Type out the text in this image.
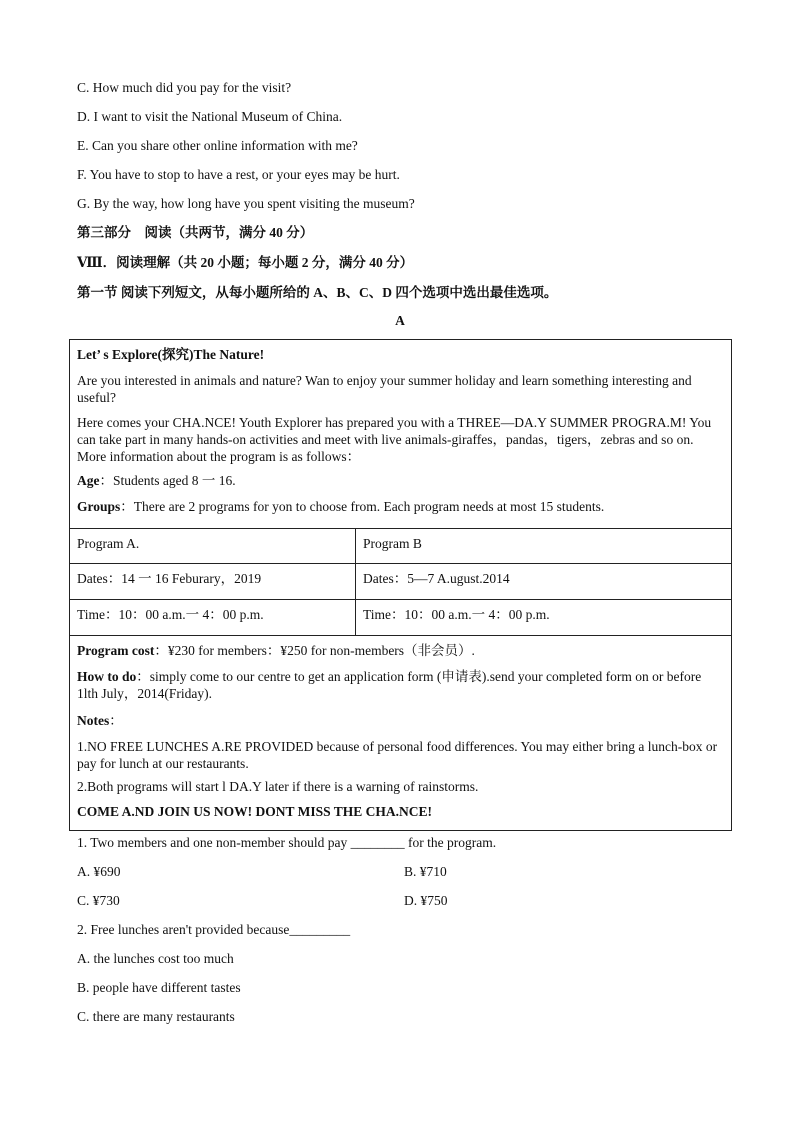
C. How much did you pay for the visit?
D. I want to visit the National Museum of China.
E. Can you share other online information with me?
F. You have to stop to have a rest, or your eyes may be hurt.
G. By the way, how long have you spent visiting the museum?
第三部分　阅读（共两节，满分 40 分）
Ⅷ．阅读理解（共 20 小题；每小题 2 分，满分 40 分）
第一节 阅读下列短文，从每小题所给的 A、B、C、D 四个选项中选出最佳选项。
A
Let’ s Explore(探究)The Nature!
Are you interested in animals and nature? Wan to enjoy your summer holiday and learn something interesting and useful?
Here comes your CHA.NCE! Youth Explorer has prepared you with a THREE—DA.Y SUMMER PROGRA.M! You can take part in many hands-on activities and meet with live animals-giraffes，pandas，tigers，zebras and so on. More information about the program is as follows：
Age：Students aged 8 一 16.
Groups：There are 2 programs for yon to choose from. Each program needs at most 15 students.
Program A.	Program B
Dates：14 一 16 Feburary，2019	Dates：5—7 A.ugust.2014
Time：10：00 a.m.一 4：00 p.m.	Time：10：00 a.m.一 4：00 p.m.
Program cost：¥230 for members：¥250 for non-members（非会员）.
How to do：simply come to our centre to get an application form (申请表).send your completed form on or before 1lth July，2014(Friday).
Notes：
1.NO FREE LUNCHES A.RE PROVIDED because of personal food differences. You may either bring a lunch-box or pay for lunch at our restaurants.
2.Both programs will start l DA.Y later if there is a warning of rainstorms.
COME A.ND JOIN US NOW! DONT MISS THE CHA.NCE!
1. Two members and one non-member should pay ________ for the program.
A. ¥690	B. ¥710
C. ¥730	D. ¥750
2. Free lunches aren't provided because_________
A. the lunches cost too much
B. people have different tastes
C. there are many restaurants
